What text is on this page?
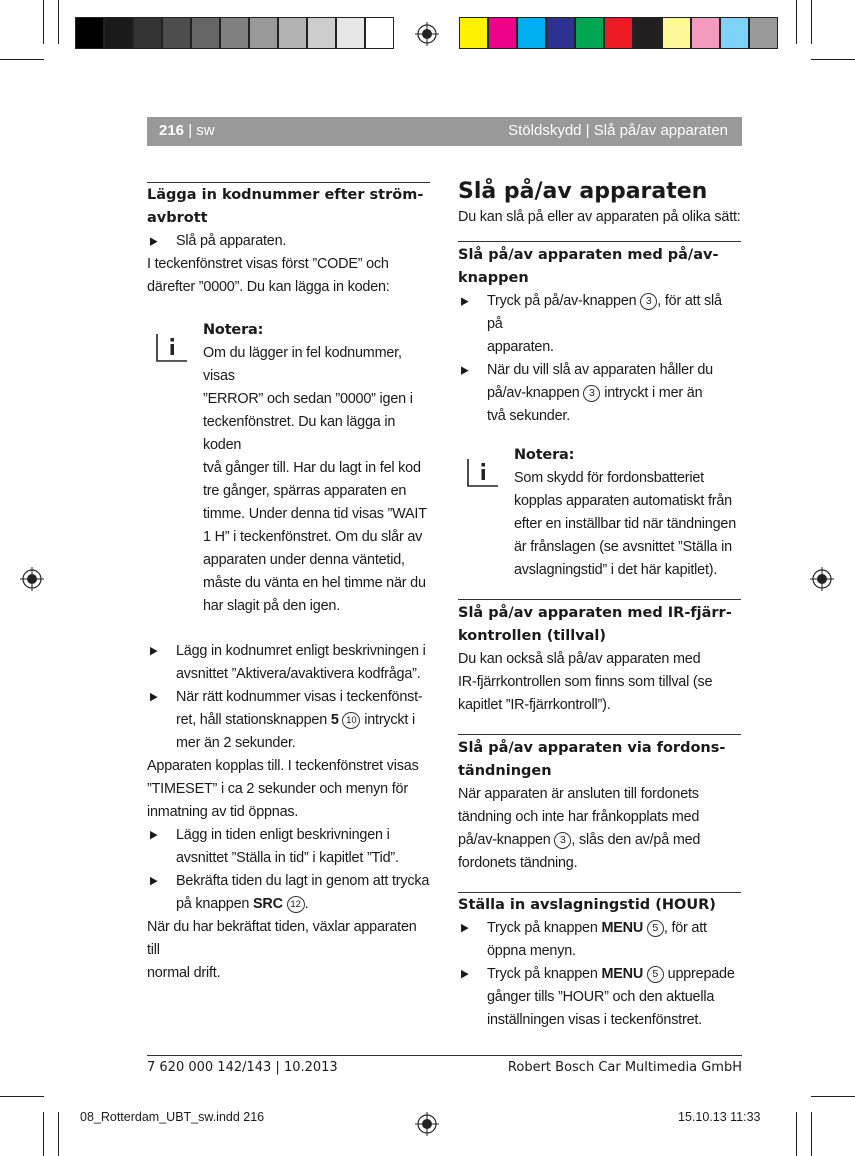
216 | sw	Stöldskydd | Slå på/av apparaten
Lägga in kodnummer efter ström-
avbrott
▶ Slå på apparaten.
I teckenfönstret visas först ”CODE” och
därefter ”0000”. Du kan lägga in koden:
Notera:
Om du lägger in fel kodnummer, visas
”ERROR” och sedan ”0000” igen i
teckenfönstret. Du kan lägga in koden
två gånger till. Har du lagt in fel kod
tre gånger, spärras apparaten en
timme. Under denna tid visas ”WAIT
1 H” i teckenfönstret. Om du slår av
apparaten under denna väntetid,
måste du vänta en hel timme när du
har slagit på den igen.
▶ Lägg in kodnumret enligt beskrivningen i
avsnittet ”Aktivera/avaktivera kodfråga”.
▶ När rätt kodnummer visas i teckenfönst-
ret, håll stationsknappen 5 10 intryckt i
mer än 2 sekunder.
Apparaten kopplas till. I teckenfönstret visas
”TIMESET” i ca 2 sekunder och menyn för
inmatning av tid öppnas.
▶ Lägg in tiden enligt beskrivningen i
avsnittet ”Ställa in tid” i kapitlet ”Tid”.
▶ Bekräfta tiden du lagt in genom att trycka
på knappen SRC 12 .
När du har bekräftat tiden, växlar apparaten till
normal drift.
Slå på/av apparaten
Du kan slå på eller av apparaten på olika sätt:
Slå på/av apparaten med på/av-
knappen
▶ Tryck på på/av-knappen 3 , för att slå på
apparaten.
▶ När du vill slå av apparaten håller du
på/av-knappen 3 intryckt i mer än
två sekunder.
Notera:
Som skydd för fordonsbatteriet
kopplas apparaten automatiskt från
efter en inställbar tid när tändningen
är frånslagen (se avsnittet ”Ställa in
avslagningstid” i det här kapitlet).
Slå på/av apparaten med IR-fjärr-
kontrollen (tillval)
Du kan också slå på/av apparaten med
IR-fjärrkontrollen som finns som tillval (se
kapitlet ”IR-fjärrkontroll”).
Slå på/av apparaten via fordons-
tändningen
När apparaten är ansluten till fordonets
tändning och inte har frånkopplats med
på/av-knappen 3 , slås den av/på med
fordonets tändning.
Ställa in avslagningstid (HOUR)
▶ Tryck på knappen MENU 5 , för att
öppna menyn.
▶ Tryck på knappen MENU 5 upprepade
gånger tills ”HOUR” och den aktuella
inställningen visas i teckenfönstret.
7 620 000 142/143 | 10.2013	Robert Bosch Car Multimedia GmbH
08_Rotterdam_UBT_sw.indd 216	15.10.13 11:33
